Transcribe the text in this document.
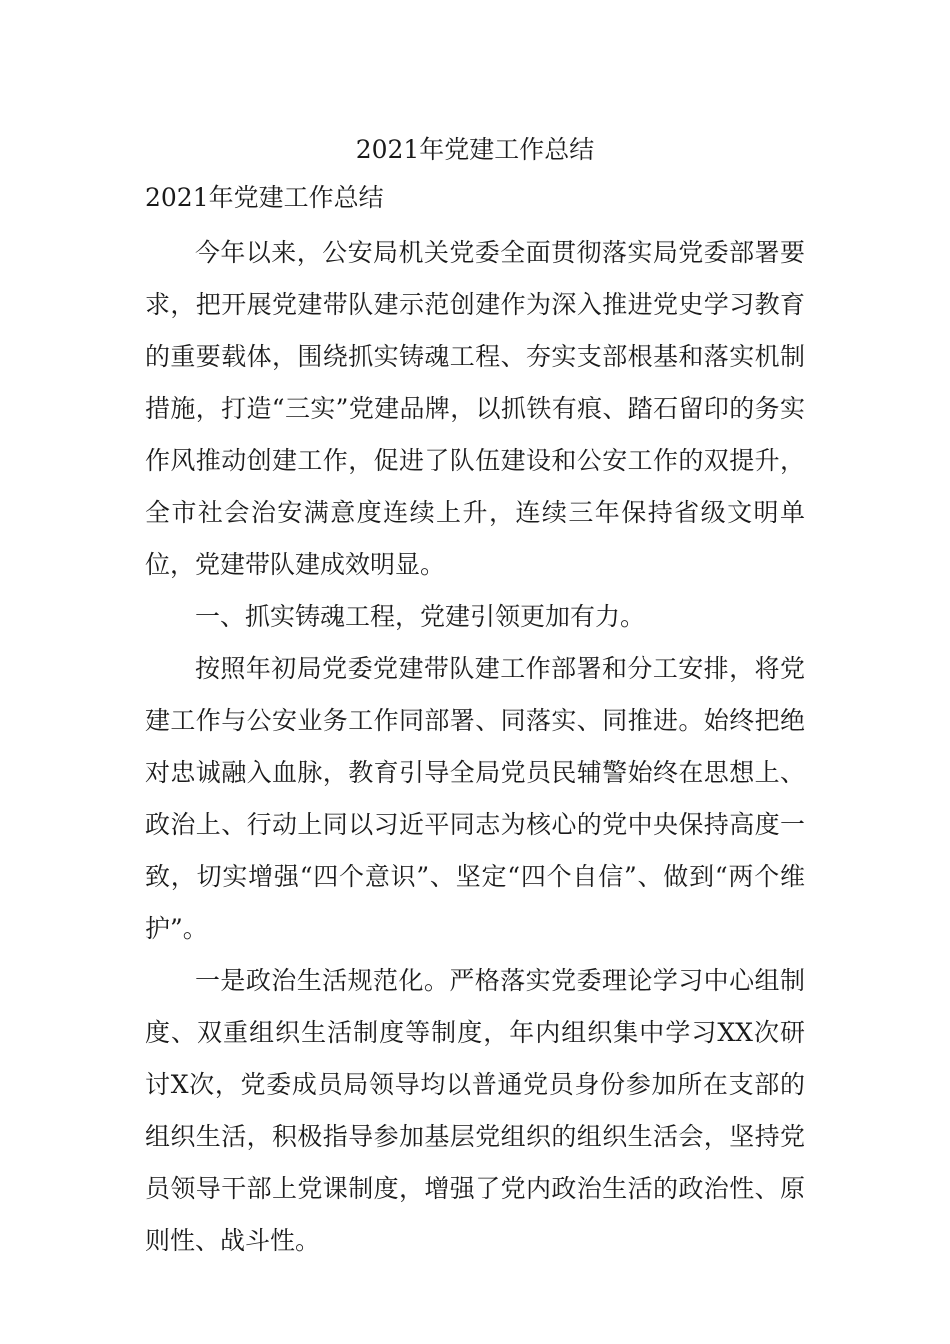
2021年党建工作总结
2021年党建工作总结

今年以来，公安局机关党委全面贯彻落实局党委部署要求，把开展党建带队建示范创建作为深入推进党史学习教育的重要载体，围绕抓实铸魂工程、夯实支部根基和落实机制措施，打造“三实”党建品牌，以抓铁有痕、踏石留印的务实作风推动创建工作，促进了队伍建设和公安工作的双提升，全市社会治安满意度连续上升，连续三年保持省级文明单位，党建带队建成效明显。

一、抓实铸魂工程，党建引领更加有力。

按照年初局党委党建带队建工作部署和分工安排，将党建工作与公安业务工作同部署、同落实、同推进。始终把绝对忠诚融入血脉，教育引导全局党员民辅警始终在思想上、政治上、行动上同以习近平同志为核心的党中央保持高度一致，切实增强“四个意识”、坚定“四个自信”、做到“两个维护”。

一是政治生活规范化。严格落实党委理论学习中心组制度、双重组织生活制度等制度，年内组织集中学习XX次研讨X次，党委成员局领导均以普通党员身份参加所在支部的组织生活，积极指导参加基层党组织的组织生活会，坚持党员领导干部上党课制度，增强了党内政治生活的政治性、原则性、战斗性。
